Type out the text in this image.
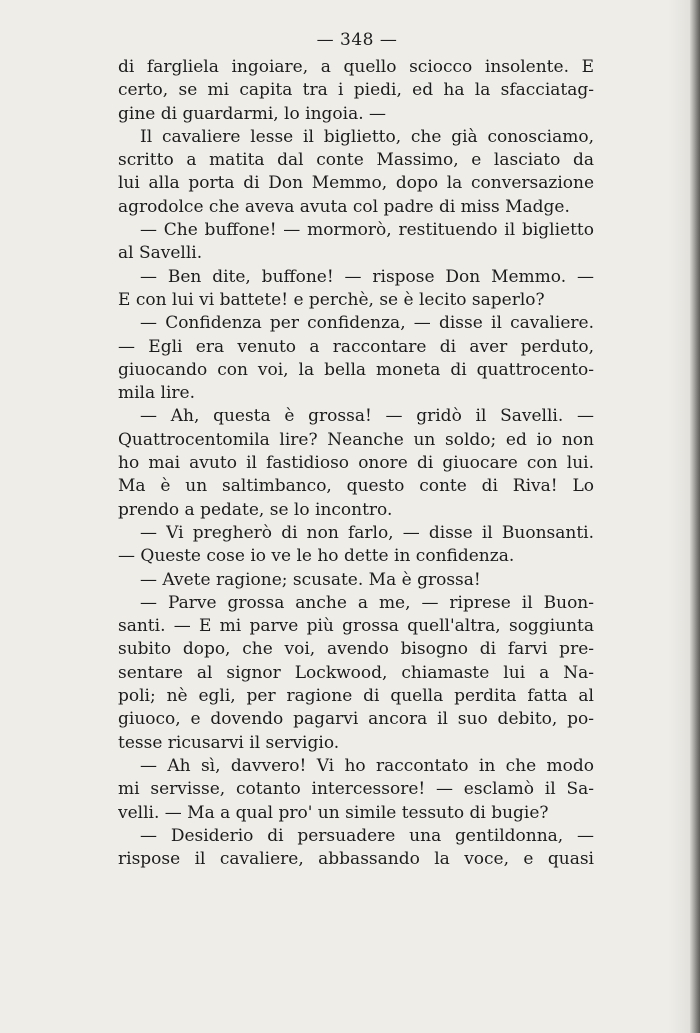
— 348 —
di fargliela ingoiare, a quello sciocco insolente. E
certo, se mi capita tra i piedi, ed ha la sfacciatag-
gine di guardarmi, lo ingoia. —
Il cavaliere lesse il biglietto, che già conosciamo,
scritto a matita dal conte Massimo, e lasciato da
lui alla porta di Don Memmo, dopo la conversazione
agrodolce che aveva avuta col padre di miss Madge.
— Che buffone! — mormorò, restituendo il biglietto
al Savelli.
— Ben dite, buffone! — rispose Don Memmo. —
E con lui vi battete! e perchè, se è lecito saperlo?
— Confidenza per confidenza, — disse il cavaliere.
— Egli era venuto a raccontare di aver perduto,
giuocando con voi, la bella moneta di quattrocento-
mila lire.
— Ah, questa è grossa! — gridò il Savelli. —
Quattrocentomila lire? Neanche un soldo; ed io non
ho mai avuto il fastidioso onore di giuocare con lui.
Ma è un saltimbanco, questo conte di Riva! Lo
prendo a pedate, se lo incontro.
— Vi pregherò di non farlo, — disse il Buonsanti.
— Queste cose io ve le ho dette in confidenza.
— Avete ragione; scusate. Ma è grossa!
— Parve grossa anche a me, — riprese il Buon-
santi. — E mi parve più grossa quell'altra, soggiunta
subito dopo, che voi, avendo bisogno di farvi pre-
sentare al signor Lockwood, chiamaste lui a Na-
poli; nè egli, per ragione di quella perdita fatta al
giuoco, e dovendo pagarvi ancora il suo debito, po-
tesse ricusarvi il servigio.
— Ah sì, davvero! Vi ho raccontato in che modo
mi servisse, cotanto intercessore! — esclamò il Sa-
velli. — Ma a qual pro' un simile tessuto di bugie?
— Desiderio di persuadere una gentildonna, —
rispose il cavaliere, abbassando la voce, e quasi
